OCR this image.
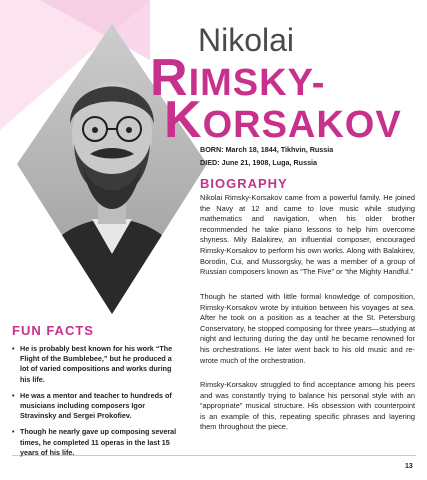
Nikolai
RIMSKY-
KORSAKOV
BORN: March 18, 1844, Tikhvin, Russia
DIED: June 21, 1908, Luga, Russia
BIOGRAPHY

Nikolai Rimsky-Korsakov came from a powerful family. He joined the Navy at 12 and came to love music while studying mathematics and navigation, when his older brother recommended he take piano lessons to help him overcome shyness. Mily Balakirev, an influential composer, encouraged Rimsky-Korsakov to perform his own works. Along with Balakirev, Borodin, Cui, and Mussorgsky, he was a member of a group of Russian composers known as “The Five” or “the Mighty Handful.”

Though he started with little formal knowledge of composition, Rimsky-Korsakov wrote by intuition between his voyages at sea. After he took on a position as a teacher at the St. Petersburg Conservatory, he stopped composing for three years—studying at night and lecturing during the day until he became renowned for his orchestrations. He later went back to his old music and re-wrote much of the orchestration.

Rimsky-Korsakov struggled to find acceptance among his peers and was constantly trying to balance his personal style with an “appropriate” musical structure. His obsession with counterpoint is an example of this, repeating specific phrases and layering them throughout the piece.

FUN FACTS
• He is probably best known for his work “The Flight of the Bumblebee,” but he produced a lot of varied compositions and works during his life.
• He was a mentor and teacher to hundreds of musicians including composers Igor Stravinsky and Sergei Prokofiev.
• Though he nearly gave up composing several times, he completed 11 operas in the last 15 years of his life.
13
